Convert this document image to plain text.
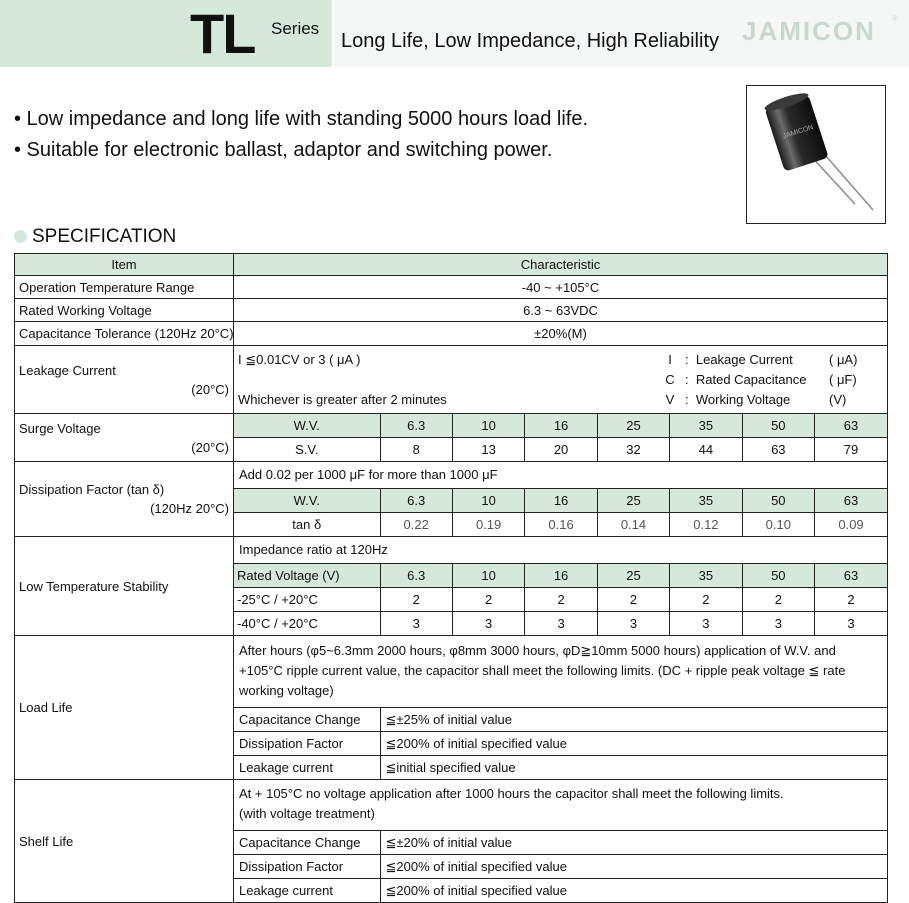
TL Series
Long Life, Low Impedance, High Reliability JAMICON ®
• Low impedance and long life with standing 5000 hours load life.
• Suitable for electronic ballast, adaptor and switching power.
JAMICON
SPECIFICATION
Item	Characteristic
Operation Temperature Range	-40 ~ +105°C
Rated Working Voltage	6.3 ~ 63VDC
Capacitance Tolerance (120Hz 20°C)	±20%(M)

Leakage Current
(20°C)

I ≦0.01CV or 3 ( μA )
Whichever is greater after 2 minutes
I	: Leakage Current	( μA)
C : Rated Capacitance	( μF)
V : Working Voltage	(V)

Surge Voltage
(20°C)

W.V.	6.3	10	16	25	35	50	63
S.V.	8	13	20	32	44	63	79

Dissipation Factor (tan δ)
(120Hz 20°C)

Add 0.02 per 1000 μF for more than 1000 μF
W.V.	6.3	10	16	25	35	50	63
tan δ	0.22	0.19	0.16	0.14	0.12	0.10	0.09

Low Temperature Stability	
Impedance ratio at 120Hz
Rated Voltage (V)	6.3	10	16	25	35	50	63
-25°C / +20°C	2	2	2	2	2	2	2
-40°C / +20°C	3	3	3	3	3	3	3

Load Life	
After hours (φ5~6.3mm 2000 hours, φ8mm 3000 hours, φD≧10mm 5000 hours) application of W.V. and +105°C ripple current value, the capacitor shall meet the following limits. (DC + ripple peak voltage ≦ rate working voltage)
Capacitance Change	≦±25% of initial value
Dissipation Factor	≦200% of initial specified value
Leakage current	≦initial specified value

Shelf Life	
At + 105°C no voltage application after 1000 hours the capacitor shall meet the following limits.
(with voltage treatment)
Capacitance Change	≦±20% of initial value
Dissipation Factor	≦200% of initial specified value
Leakage current	≦200% of initial specified value
